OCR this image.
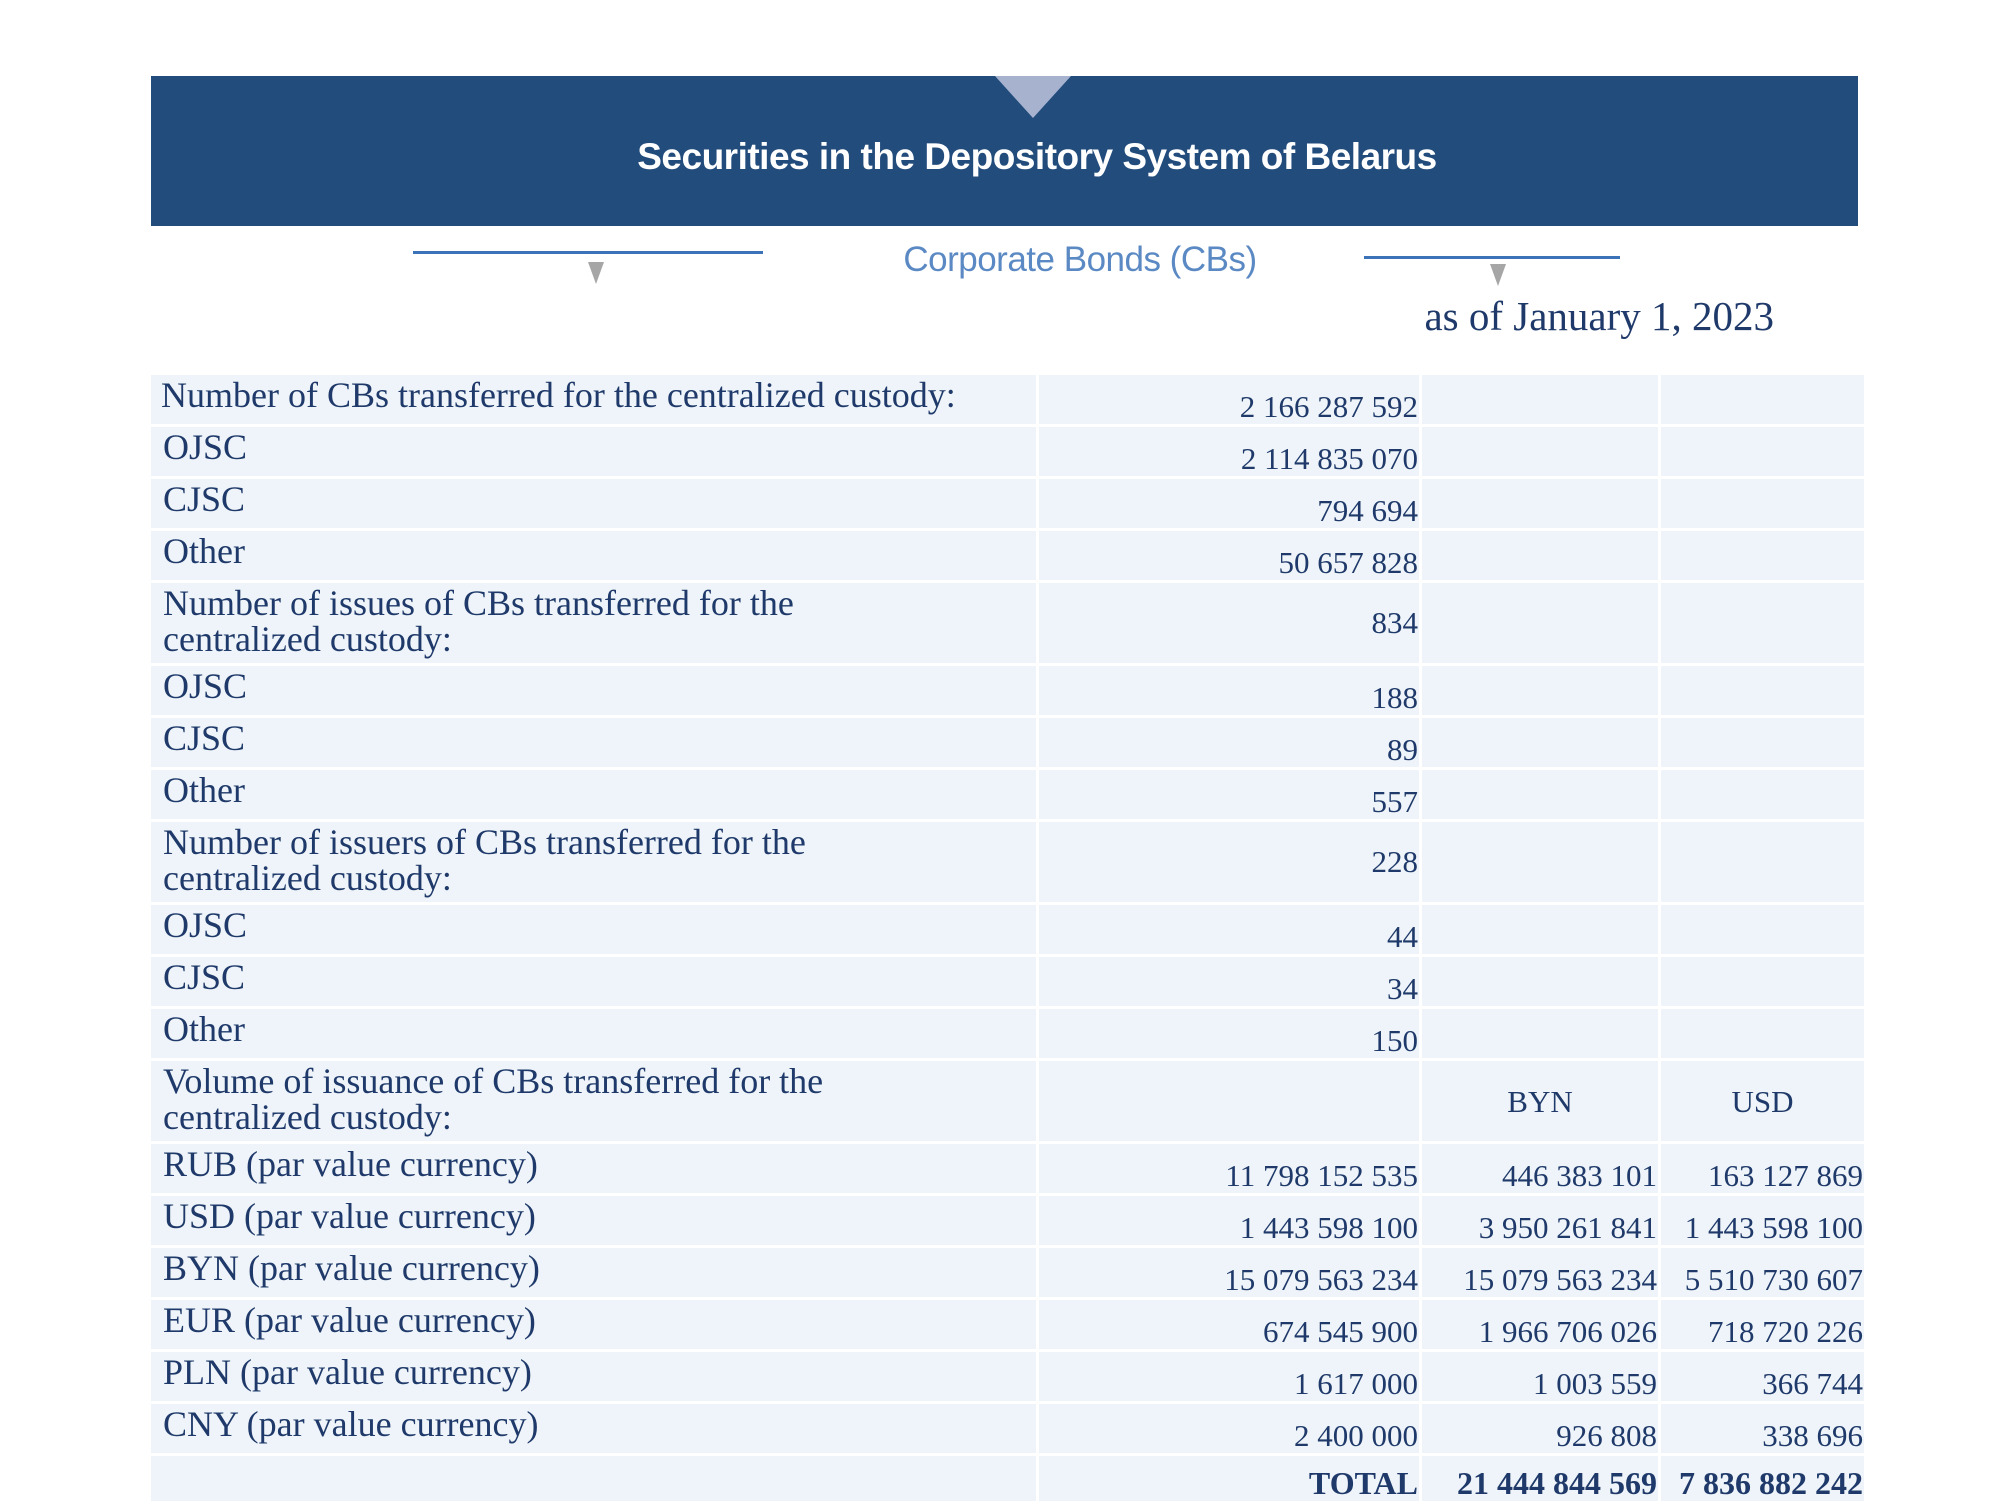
Securities in the Depository System of Belarus
Corporate Bonds (CBs)
as of January 1, 2023
Number of CBs transferred for the centralized custody:	2 166 287 592		
OJSC	2 114 835 070		
CJSC	794 694		
Other	50 657 828		
Number of issues of CBs transferred for the centralized custody:	834		
OJSC	188		
CJSC	89		
Other	557		
Number of issuers of CBs transferred for the centralized custody:	228		
OJSC	44		
CJSC	34		
Other	150		
Volume of issuance of CBs transferred for the centralized custody:		BYN	USD
RUB (par value currency)	11 798 152 535	446 383 101	163 127 869
USD (par value currency)	1 443 598 100	3 950 261 841	1 443 598 100
BYN (par value currency)	15 079 563 234	15 079 563 234	5 510 730 607
EUR (par value currency)	674 545 900	1 966 706 026	718 720 226
PLN (par value currency)	1 617 000	1 003 559	366 744
CNY (par value currency)	2 400 000	926 808	338 696
	TOTAL	21 444 844 569	7 836 882 242
